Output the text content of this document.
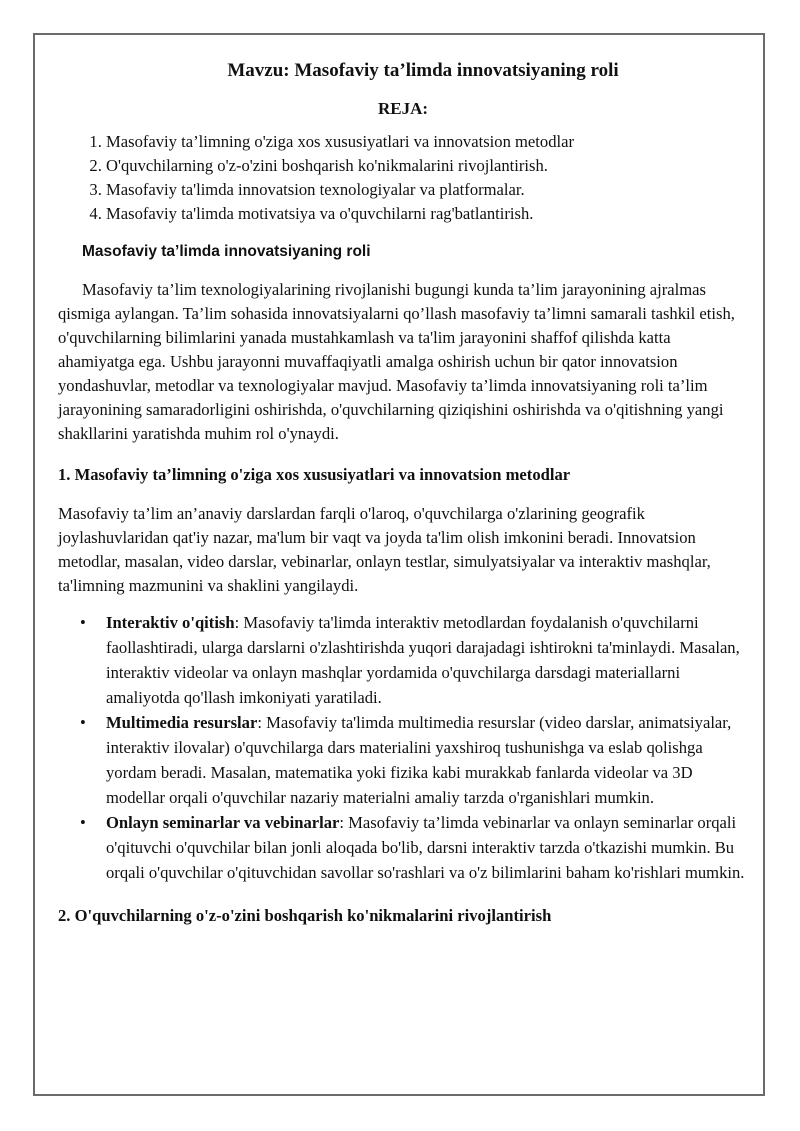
Mavzu: Masofaviy ta’limda innovatsiyaning roli
REJA:
1. Masofaviy ta’limning o'ziga xos xususiyatlari va innovatsion metodlar
2. O'quvchilarning o'z-o'zini boshqarish ko'nikmalarini rivojlantirish.
3. Masofaviy ta'limda innovatsion texnologiyalar va platformalar.
4. Masofaviy ta'limda motivatsiya va o'quvchilarni rag'batlantirish.
Masofaviy ta’limda innovatsiyaning roli

Masofaviy ta’lim texnologiyalarining rivojlanishi bugungi kunda ta’lim jarayonining ajralmas qismiga aylangan. Ta’lim sohasida innovatsiyalarni qo’llash masofaviy ta’limni samarali tashkil etish, o'quvchilarning bilimlarini yanada mustahkamlash va ta'lim jarayonini shaffof qilishda katta ahamiyatga ega. Ushbu jarayonni muvaffaqiyatli amalga oshirish uchun bir qator innovatsion yondashuvlar, metodlar va texnologiyalar mavjud. Masofaviy ta’limda innovatsiyaning roli ta’lim jarayonining samaradorligini oshirishda, o'quvchilarning qiziqishini oshirishda va o'qitishning yangi shakllarini yaratishda muhim rol o'ynaydi.

1. Masofaviy ta’limning o'ziga xos xususiyatlari va innovatsion metodlar

Masofaviy ta’lim an’anaviy darslardan farqli o'laroq, o'quvchilarga o'zlarining geografik joylashuvlaridan qat'iy nazar, ma'lum bir vaqt va joyda ta'lim olish imkonini beradi. Innovatsion metodlar, masalan, video darslar, vebinarlar, onlayn testlar, simulyatsiyalar va interaktiv mashqlar, ta'limning mazmunini va shaklini yangilaydi.

• Interaktiv o'qitish: Masofaviy ta'limda interaktiv metodlardan foydalanish o'quvchilarni faollashtiradi, ularga darslarni o'zlashtirishda yuqori darajadagi ishtirokni ta'minlaydi. Masalan, interaktiv videolar va onlayn mashqlar yordamida o'quvchilarga darsdagi materiallarni amaliyotda qo'llash imkoniyati yaratiladi.
• Multimedia resurslar: Masofaviy ta'limda multimedia resurslar (video darslar, animatsiyalar, interaktiv ilovalar) o'quvchilarga dars materialini yaxshiroq tushunishga va eslab qolishga yordam beradi. Masalan, matematika yoki fizika kabi murakkab fanlarda videolar va 3D modellar orqali o'quvchilar nazariy materialni amaliy tarzda o'rganishlari mumkin.
• Onlayn seminarlar va vebinarlar: Masofaviy ta’limda vebinarlar va onlayn seminarlar orqali o'qituvchi o'quvchilar bilan jonli aloqada bo'lib, darsni interaktiv tarzda o'tkazishi mumkin. Bu orqali o'quvchilar o'qituvchidan savollar so'rashlari va o'z bilimlarini baham ko'rishlari mumkin.
2. O'quvchilarning o'z-o'zini boshqarish ko'nikmalarini rivojlantirish
